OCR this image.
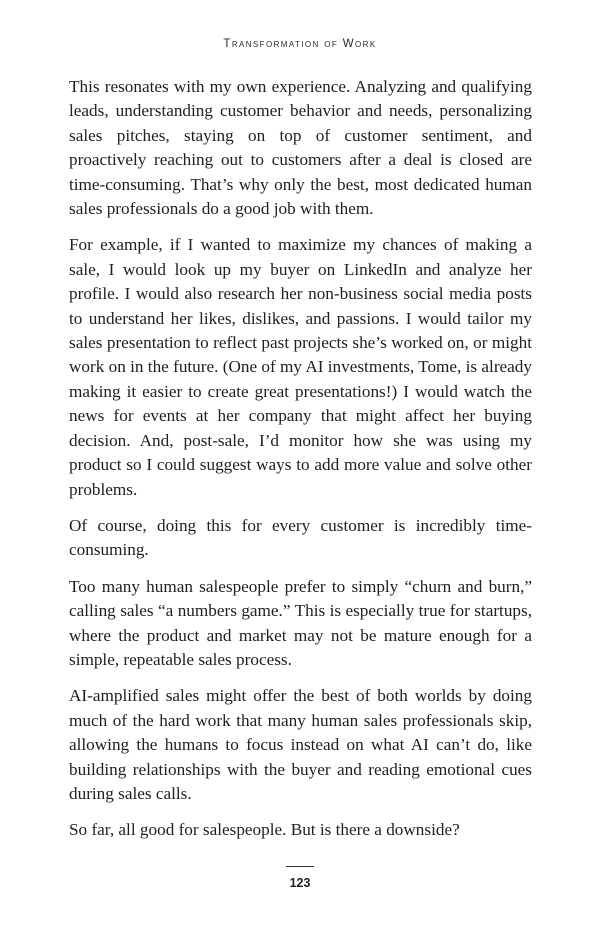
Transformation of Work

This resonates with my own experience. Analyzing and qualifying leads, understanding customer behavior and needs, personalizing sales pitches, staying on top of customer sentiment, and proactively reaching out to customers after a deal is closed are time-consuming. That’s why only the best, most dedicated human sales professionals do a good job with them.

For example, if I wanted to maximize my chances of making a sale, I would look up my buyer on LinkedIn and analyze her profile. I would also research her non-business social media posts to understand her likes, dislikes, and passions. I would tailor my sales presentation to reflect past projects she’s worked on, or might work on in the future. (One of my AI investments, Tome, is already making it easier to create great presentations!) I would watch the news for events at her company that might affect her buying decision. And, post-sale, I’d monitor how she was using my product so I could suggest ways to add more value and solve other problems.

Of course, doing this for every customer is incredibly time-consuming.

Too many human salespeople prefer to simply “churn and burn,” calling sales “a numbers game.” This is especially true for startups, where the product and market may not be mature enough for a simple, repeatable sales process.

AI-amplified sales might offer the best of both worlds by doing much of the hard work that many human sales professionals skip, allowing the humans to focus instead on what AI can’t do, like building relationships with the buyer and reading emotional cues during sales calls.

So far, all good for salespeople. But is there a downside?

123
